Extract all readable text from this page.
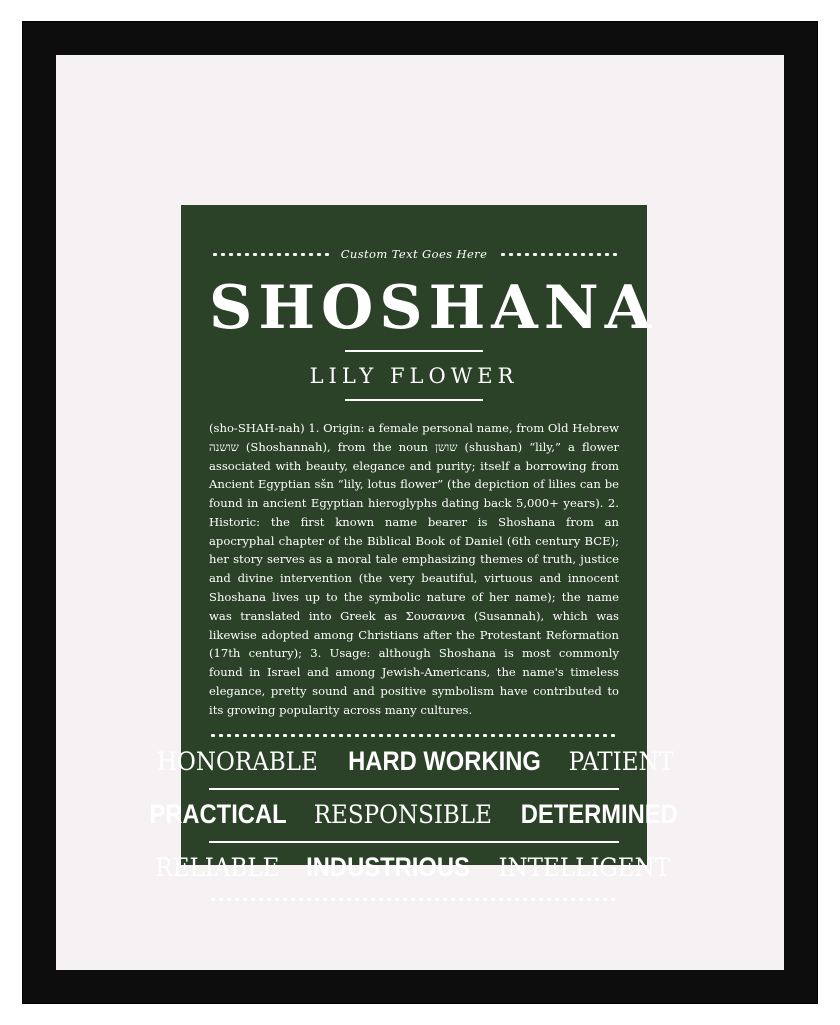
Custom Text Goes Here
SHOSHANA
LILY FLOWER
(sho-SHAH-nah) 1. Origin: a female personal name, from Old Hebrew שושנה (Shoshannah), from the noun שושן (shushan) “lily,” a flower associated with beauty, elegance and purity; itself a borrowing from Ancient Egyptian sšn “lily, lotus flower” (the depiction of lilies can be found in ancient Egyptian hieroglyphs dating back 5,000+ years). 2. Historic: the first known name bearer is Shoshana from an apocryphal chapter of the Biblical Book of Daniel (6th century BCE); her story serves as a moral tale emphasizing themes of truth, justice and divine intervention (the very beautiful, virtuous and innocent Shoshana lives up to the symbolic nature of her name); the name was translated into Greek as Σουσαννα (Susannah), which was likewise adopted among Christians after the Protestant Reformation (17th century); 3. Usage: although Shoshana is most commonly found in Israel and among Jewish-Americans, the name's timeless elegance, pretty sound and positive symbolism have contributed to its growing popularity across many cultures.
HONORABLE HARD WORKING PATIENT
PRACTICAL RESPONSIBLE DETERMINED
RELIABLE INDUSTRIOUS INTELLIGENT
